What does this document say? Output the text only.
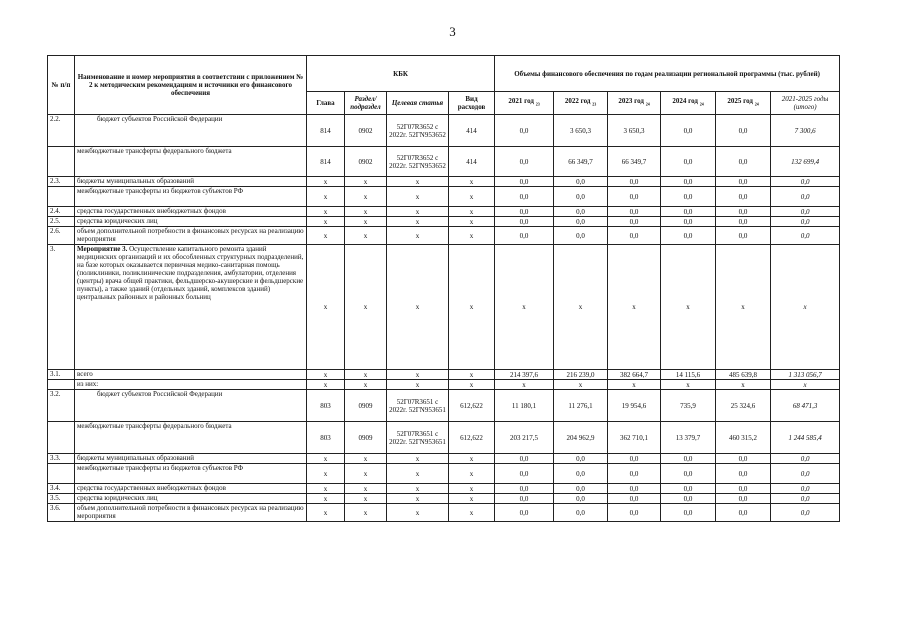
3
№ п/п	Наименование и номер мероприятия в соответствии с приложением № 2 к методическим рекомендациям и источники его финансового обеспечения	КБК				Объемы финансового обеспечения по годам реализации региональной программы (тыс. рублей)					
		Глава	Раздел/ подраздел	Целевая статья	Вид расходов	2021 год $_{23}$	2022 год $_{23}$	2023 год $_{24}$	2024 год $_{24}$	2025 год $_{24}$	2021-2025 годы (итого)
2.2.	бюджет субъектов Российской Федерации	814	0902	52Г07R3652 с 2022г. 52ГN953652	414	0,0	3 650,3	3 650,3	0,0	0,0	7 300,6
	межбюджетные трансферты федерального бюджета	814	0902	52Г07R3652 с 2022г. 52ГN953652	414	0,0	66 349,7	66 349,7	0,0	0,0	132 699,4
2.3.	бюджеты муниципальных образований	x	x	x	x	0,0	0,0	0,0	0,0	0,0	0,0
	межбюджетные трансферты из бюджетов субъектов РФ	x	x	x	x	0,0	0,0	0,0	0,0	0,0	0,0
2.4.	средства государственных внебюджетных фондов	x	x	x	x	0,0	0,0	0,0	0,0	0,0	0,0
2.5.	средства юридических лиц	x	x	x	x	0,0	0,0	0,0	0,0	0,0	0,0
2.6.	объем дополнительной потребности в финансовых ресурсах на реализацию мероприятия	x	x	x	x	0,0	0,0	0,0	0,0	0,0	0,0
3.	Мероприятие 3. Осуществление капитального ремонта зданий медицинских организаций и их обособленных структурных подразделений, на базе которых оказывается первичная медико-санитарная помощь (поликлиники, поликлинические подразделения, амбулатории, отделения (центры) врача общей практики, фельдшерско-акушерские и фельдшерские пункты), а также зданий (отдельных зданий, комплексов зданий) центральных районных и районных больниц	x	x	x	x	x	x	x	x	x	x
3.1.	всего	x	x	x	x	214 397,6	216 239,0	382 664,7	14 115,6	485 639,8	1 313 056,7
	из них:	x	x	x	x	x	x	x	x	x	x
3.2.	бюджет субъектов Российской Федерации	803	0909	52Г07R3651 с 2022г. 52ГN953651	612,622	11 180,1	11 276,1	19 954,6	735,9	25 324,6	68 471,3
	межбюджетные трансферты федерального бюджета	803	0909	52Г07R3651 с 2022г. 52ГN953651	612,622	203 217,5	204 962,9	362 710,1	13 379,7	460 315,2	1 244 585,4
3.3.	бюджеты муниципальных образований	x	x	x	x	0,0	0,0	0,0	0,0	0,0	0,0
	межбюджетные трансферты из бюджетов субъектов РФ	x	x	x	x	0,0	0,0	0,0	0,0	0,0	0,0
3.4.	средства государственных внебюджетных фондов	x	x	x	x	0,0	0,0	0,0	0,0	0,0	0,0
3.5.	средства юридических лиц	x	x	x	x	0,0	0,0	0,0	0,0	0,0	0,0
3.6.	объем дополнительной потребности в финансовых ресурсах на реализацию мероприятия	x	x	x	x	0,0	0,0	0,0	0,0	0,0	0,0
